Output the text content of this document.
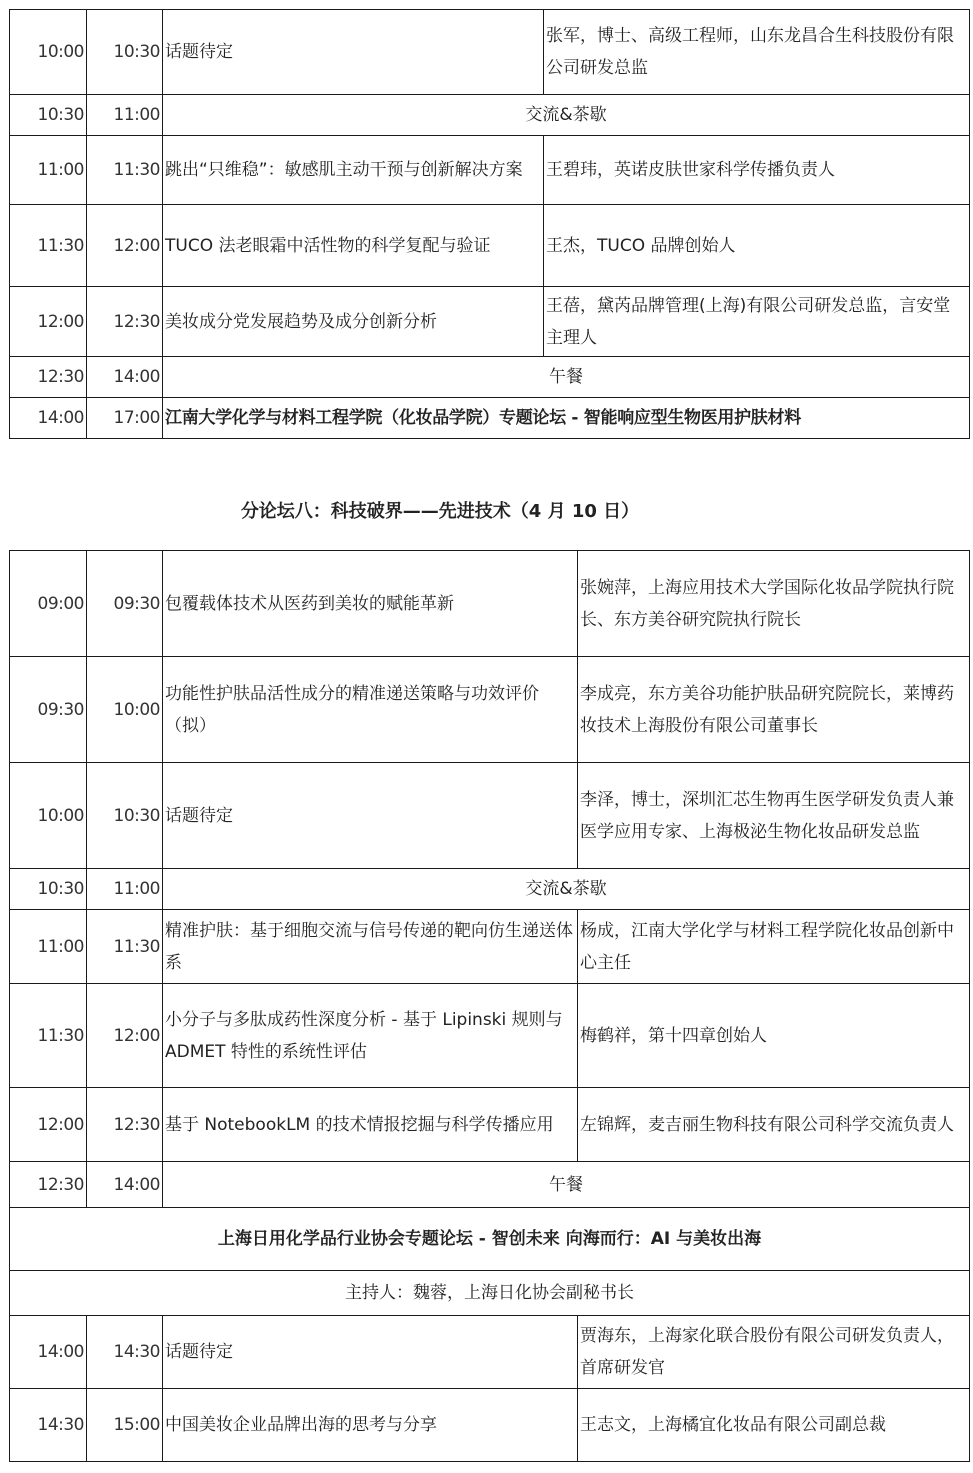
10:00	10:30	话题待定	张军，博士、高级工程师，山东龙昌合生科技股份有限公司研发总监
10:30	11:00	交流&茶歇	
11:00	11:30	跳出“只维稳”：敏感肌主动干预与创新解决方案	王碧玮，英诺皮肤世家科学传播负责人
11:30	12:00	TUCO 法老眼霜中活性物的科学复配与验证	王杰，TUCO 品牌创始人
12:00	12:30	美妆成分党发展趋势及成分创新分析	王蓓，黛芮品牌管理(上海)有限公司研发总监，言安堂主理人
12:30	14:00	午餐	
14:00	17:00	江南大学化学与材料工程学院（化妆品学院）专题论坛 - 智能响应型生物医用护肤材料	
分论坛八：科技破界——先进技术（4 月 10 日）
09:00	09:30	包覆载体技术从医药到美妆的赋能革新	张婉萍，上海应用技术大学国际化妆品学院执行院长、东方美谷研究院执行院长
09:30	10:00	功能性护肤品活性成分的精准递送策略与功效评价（拟）	李成亮，东方美谷功能护肤品研究院院长，莱博药妆技术上海股份有限公司董事长
10:00	10:30	话题待定	李泽，博士，深圳汇芯生物再生医学研发负责人兼医学应用专家、上海极泌生物化妆品研发总监
10:30	11:00	交流&茶歇	
11:00	11:30	精准护肤：基于细胞交流与信号传递的靶向仿生递送体系	杨成，江南大学化学与材料工程学院化妆品创新中心主任
11:30	12:00	小分子与多肽成药性深度分析 - 基于 Lipinski 规则与 ADMET 特性的系统性评估	梅鹤祥，第十四章创始人
12:00	12:30	基于 NotebookLM 的技术情报挖掘与科学传播应用	左锦辉，麦吉丽生物科技有限公司科学交流负责人
12:30	14:00	午餐	
上海日用化学品行业协会专题论坛 - 智创未来 向海而行：AI 与美妆出海			
主持人：魏蓉，上海日化协会副秘书长			
14:00	14:30	话题待定	贾海东，上海家化联合股份有限公司研发负责人，首席研发官
14:30	15:00	中国美妆企业品牌出海的思考与分享	王志文，上海橘宜化妆品有限公司副总裁
